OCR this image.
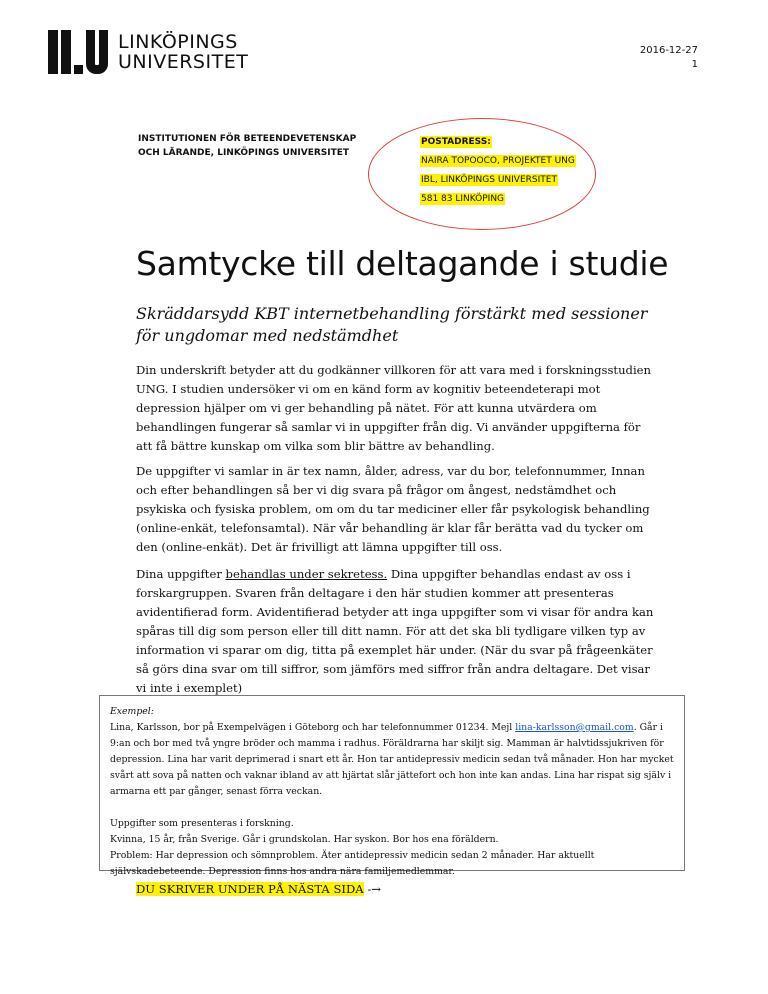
LINKÖPINGS
UNIVERSITET
2016-12-27
1
INSTITUTIONEN FÖR BETEENDEVETENSKAP
OCH LÄRANDE, LINKÖPINGS UNIVERSITET
POSTADRESS:
NAIRA TOPOOCO, PROJEKTET UNG
IBL, LINKÖPINGS UNIVERSITET
581 83 LINKÖPING
Samtycke till deltagande i studie
Skräddarsydd KBT internetbehandling förstärkt med sessioner för ungdomar med nedstämdhet
Din underskrift betyder att du godkänner villkoren för att vara med i forskningsstudien UNG. I studien undersöker vi om en känd form av kognitiv beteendeterapi mot depression hjälper om vi ger behandling på nätet. För att kunna utvärdera om behandlingen fungerar så samlar vi in uppgifter från dig. Vi använder uppgifterna för att få bättre kunskap om vilka som blir bättre av behandling.
De uppgifter vi samlar in är tex namn, ålder, adress, var du bor, telefonnummer, Innan och efter behandlingen så ber vi dig svara på frågor om ångest, nedstämdhet och psykiska och fysiska problem, om om du tar mediciner eller får psykologisk behandling (online-enkät, telefonsamtal). När vår behandling är klar får berätta vad du tycker om den (online-enkät). Det är frivilligt att lämna uppgifter till oss.
Dina uppgifter behandlas under sekretess. Dina uppgifter behandlas endast av oss i forskargruppen. Svaren från deltagare i den här studien kommer att presenteras avidentifierad form. Avidentifierad betyder att inga uppgifter som vi visar för andra kan spåras till dig som person eller till ditt namn. För att det ska bli tydligare vilken typ av information vi sparar om dig, titta på exemplet här under. (När du svar på frågeenkäter så görs dina svar om till siffror, som jämförs med siffror från andra deltagare. Det visar vi inte i exemplet)
Exempel:
Lina, Karlsson, bor på Exempelvägen i Göteborg och har telefonnummer 01234. Mejl lina-karlsson@gmail.com. Går i 9:an och bor med två yngre bröder och mamma i radhus. Föräldrarna har skiljt sig. Mamman är halvtidssjukriven för depression. Lina har varit deprimerad i snart ett år. Hon tar antidepressiv medicin sedan två månader. Hon har mycket svårt att sova på natten och vaknar ibland av att hjärtat slår jättefort och hon inte kan andas. Lina har rispat sig själv i armarna ett par gånger, senast förra veckan.
Uppgifter som presenteras i forskning.
Kvinna, 15 år, från Sverige. Går i grundskolan. Har syskon. Bor hos ena föräldern.
Problem: Har depression och sömnproblem. Äter antidepressiv medicin sedan 2 månader. Har aktuellt självskadebeteende. Depression finns hos andra nära familjemedlemmar.
DU SKRIVER UNDER PÅ NÄSTA SIDA -→
